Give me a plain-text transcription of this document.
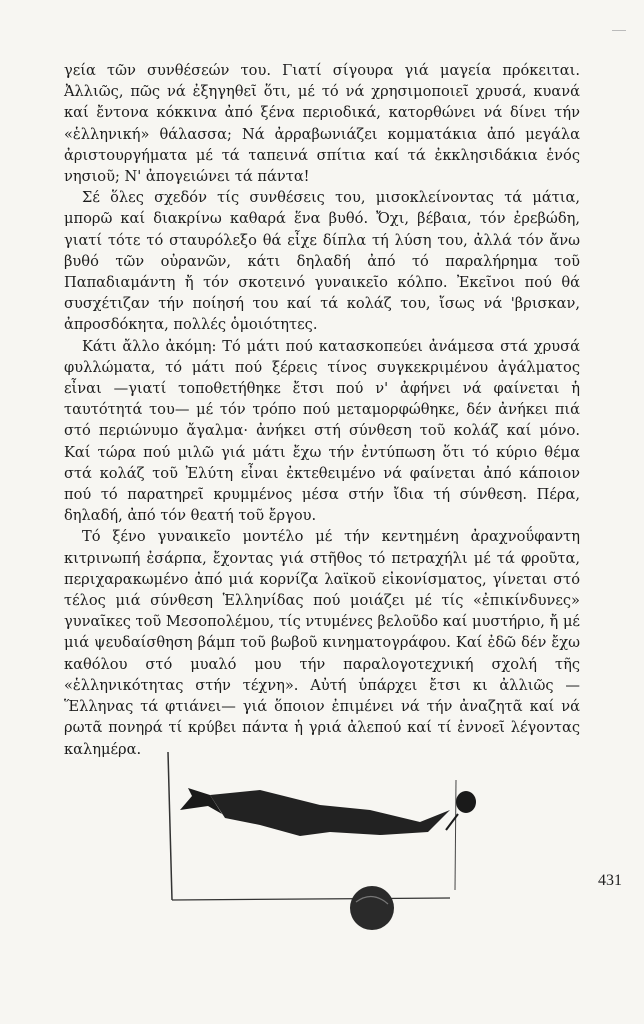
γεία τῶν συνθέσεών του. Γιατί σίγουρα γιά μαγεία πρόκειται. Ἀλλιῶς, πῶς νά ἐξηγηθεῖ ὅτι, μέ τό νά χρησιμοποιεῖ χρυσά, κυανά καί ἔντονα κόκκινα ἀπό ξένα περιοδικά, κατορθώνει νά δίνει τήν «ἑλληνική» θάλασσα; Νά ἀρραβωνιάζει κομματάκια ἀπό μεγάλα ἀριστουργήματα μέ τά ταπεινά σπίτια καί τά ἐκκλησιδάκια ἑνός νησιοῦ; Ν' ἀπογειώνει τά πάντα!

Σέ ὅλες σχεδόν τίς συνθέσεις του, μισοκλείνοντας τά μάτια, μπορῶ καί διακρίνω καθαρά ἕνα βυθό. Ὄχι, βέβαια, τόν ἐρεβώδη, γιατί τότε τό σταυρόλεξο θά εἶχε δίπλα τή λύση του, ἀλλά τόν ἄνω βυθό τῶν οὐρανῶν, κάτι δηλαδή ἀπό τό παραλήρημα τοῦ Παπαδιαμάντη ἤ τόν σκοτεινό γυναικεῖο κόλπο. Ἐκεῖνοι πού θά συσχέτιζαν τήν ποίησή του καί τά κολάζ του, ἴσως νά 'βρισκαν, ἀπροσδόκητα, πολλές ὁμοιότητες.

Κάτι ἄλλο ἀκόμη: Τό μάτι πού κατασκοπεύει ἀνάμεσα στά χρυσά φυλλώματα, τό μάτι πού ξέρεις τίνος συγκεκριμένου ἀγάλματος εἶναι —γιατί τοποθετήθηκε ἔτσι πού ν' ἀφήνει νά φαίνεται ἡ ταυτότητά του— μέ τόν τρόπο πού μεταμορφώθηκε, δέν ἀνήκει πιά στό περιώνυμο ἄγαλμα· ἀνήκει στή σύνθεση τοῦ κολάζ καί μόνο. Καί τώρα πού μιλῶ γιά μάτι ἔχω τήν ἐντύπωση ὅτι τό κύριο θέμα στά κολάζ τοῦ Ἐλύτη εἶναι ἐκτεθειμένο νά φαίνεται ἀπό κάποιον πού τό παρατηρεῖ κρυμμένος μέσα στήν ἴδια τή σύνθεση. Πέρα, δηλαδή, ἀπό τόν θεατή τοῦ ἔργου.

Τό ξένο γυναικεῖο μοντέλο μέ τήν κεντημένη ἀραχνοΰφαντη κιτρινωπή ἐσάρπα, ἔχοντας γιά στῆθος τό πετραχήλι μέ τά φροῦτα, περιχαρακωμένο ἀπό μιά κορνίζα λαϊκοῦ εἰκονίσματος, γίνεται στό τέλος μιά σύνθεση Ἑλληνίδας πού μοιάζει μέ τίς «ἐπικίνδυνες» γυναῖκες τοῦ Μεσοπολέμου, τίς ντυμένες βελοῦδο καί μυστήριο, ἤ μέ μιά ψευδαίσθηση βάμπ τοῦ βωβοῦ κινηματογράφου. Καί ἐδῶ δέν ἔχω καθόλου στό μυαλό μου τήν παραλογοτεχνική σχολή τῆς «ἑλληνικότητας στήν τέχνη». Αὐτή ὑπάρχει ἔτσι κι ἀλλιῶς —Ἕλληνας τά φτιάνει— γιά ὅποιον ἐπιμένει νά τήν ἀναζητᾶ καί νά ρωτᾶ πονηρά τί κρύβει πάντα ἡ γριά ἀλεπού καί τί ἐννοεῖ λέγοντας καλημέρα.

431
